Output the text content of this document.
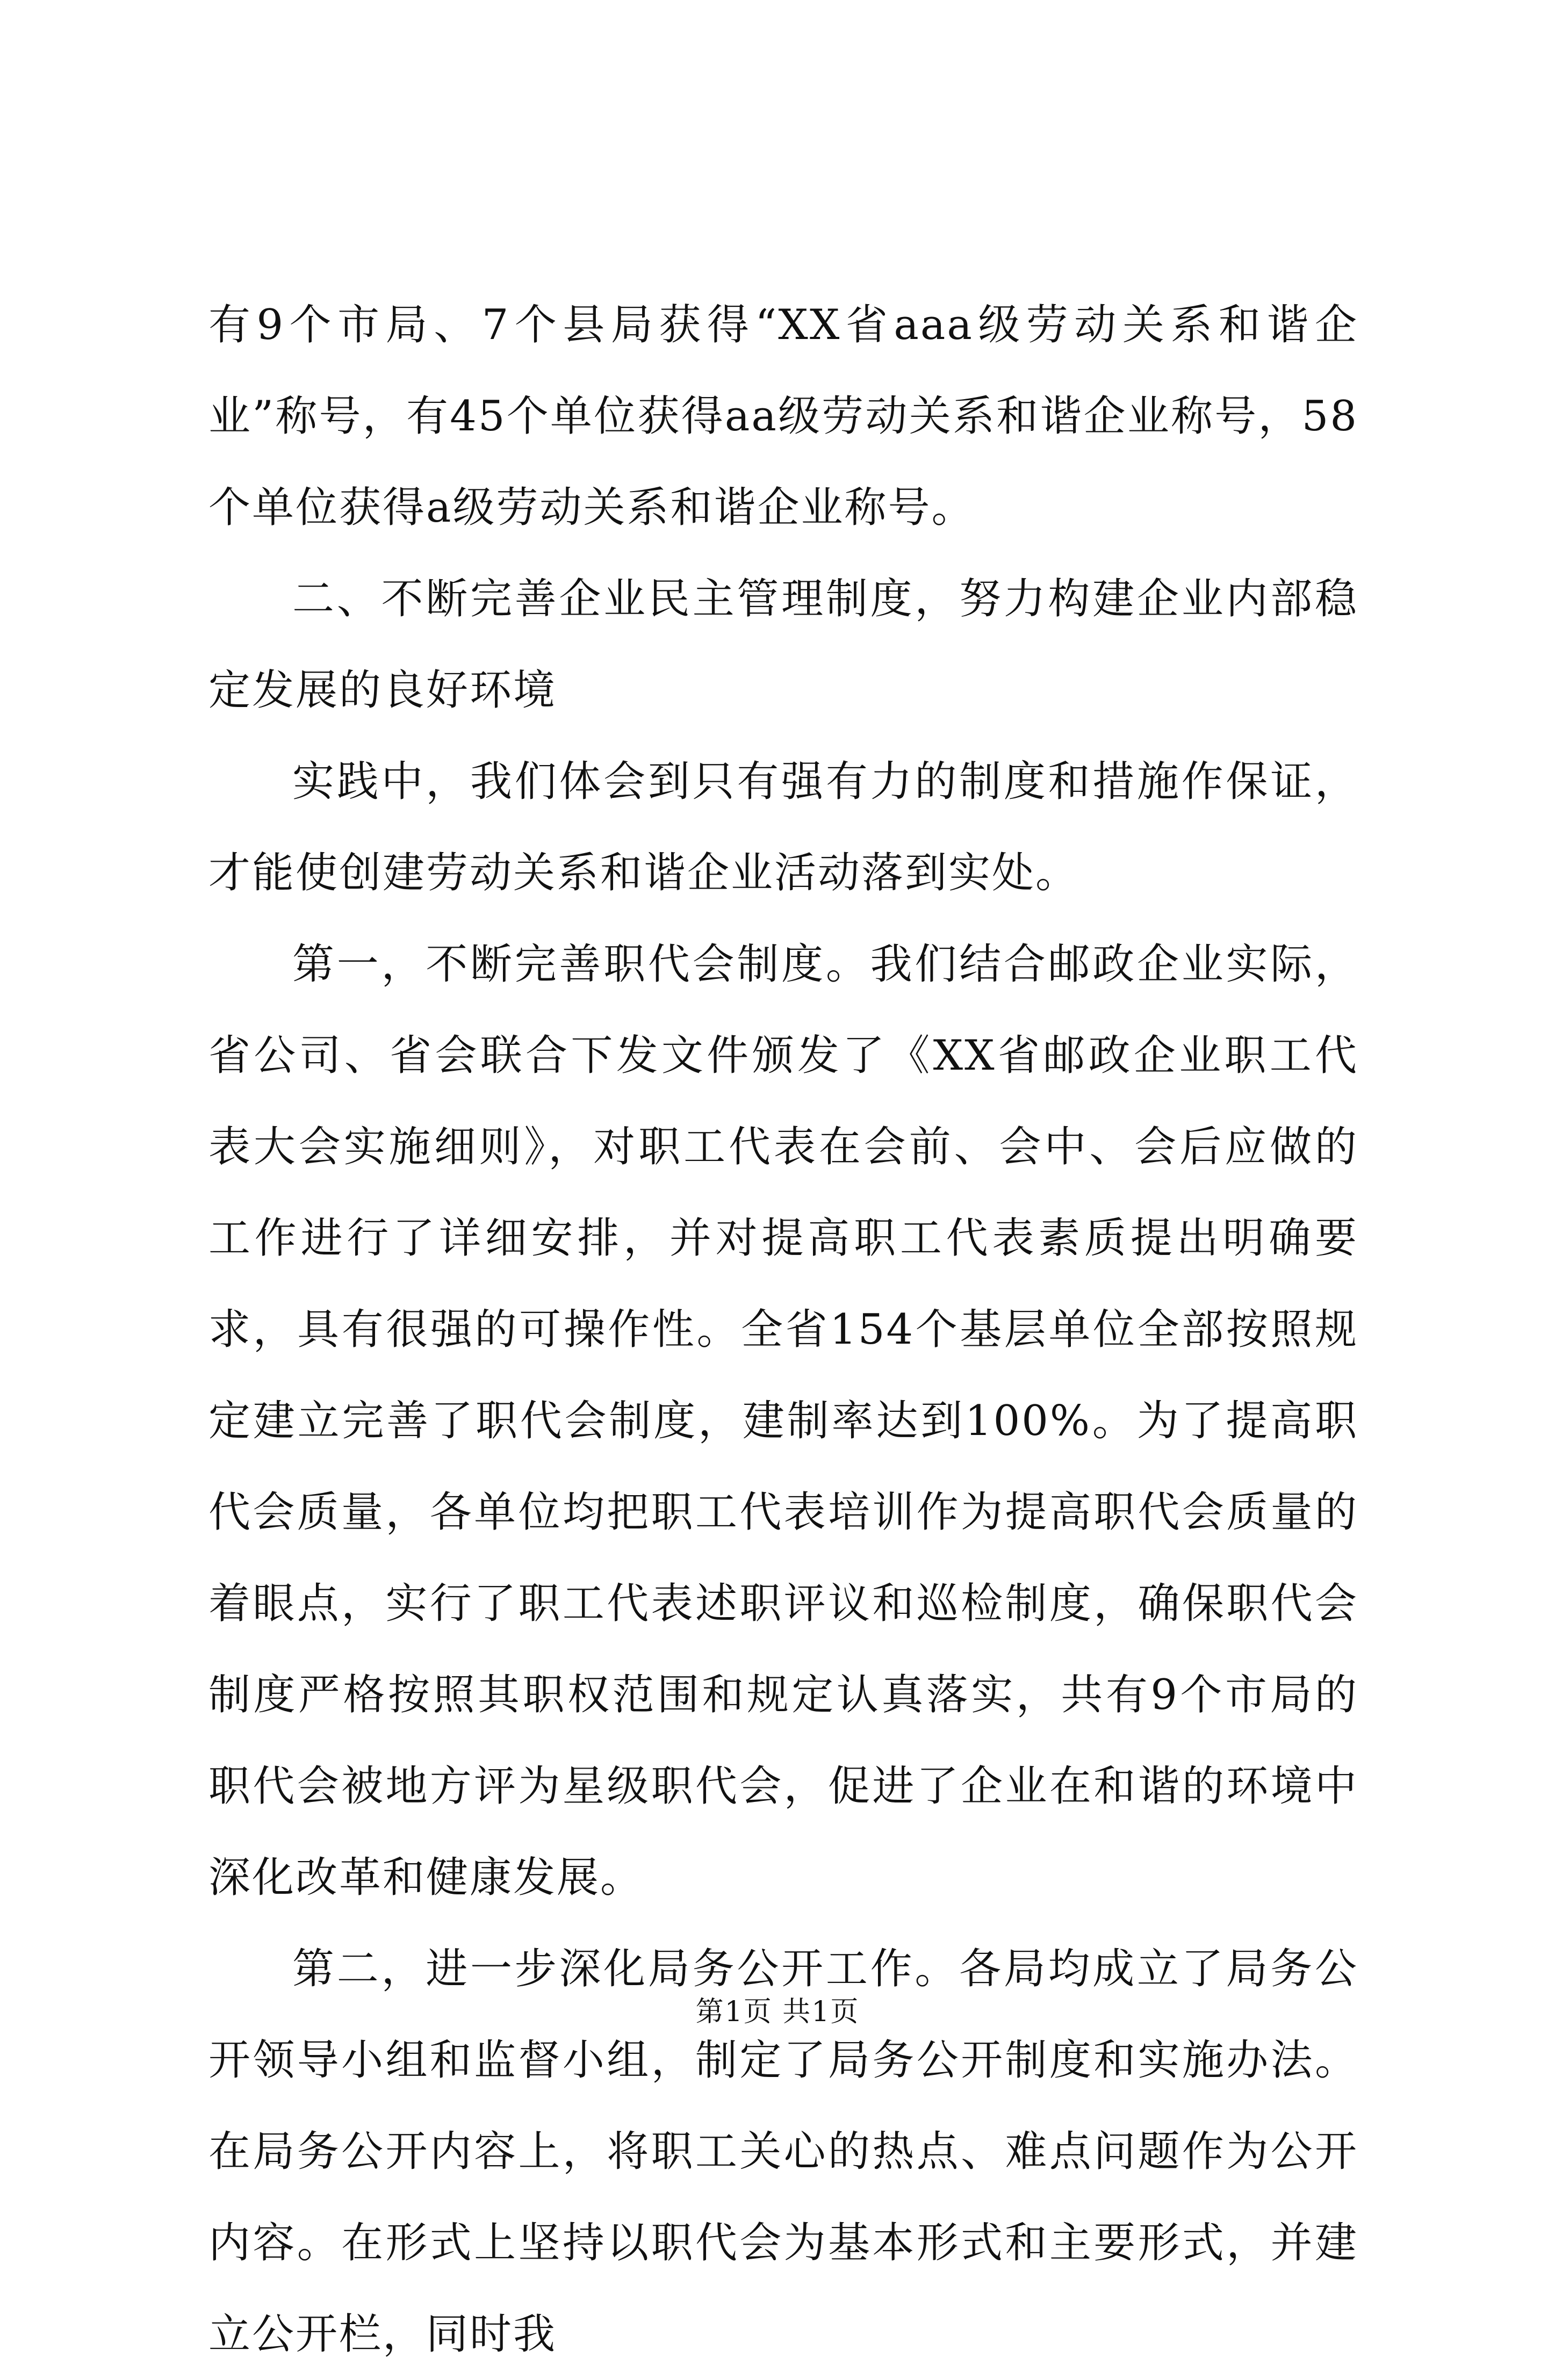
有9个市局、7个县局获得“XX省aaa级劳动关系和谐企业”称号，有45个单位获得aa级劳动关系和谐企业称号，58个单位获得a级劳动关系和谐企业称号。

二、不断完善企业民主管理制度，努力构建企业内部稳定发展的良好环境

实践中，我们体会到只有强有力的制度和措施作保证，才能使创建劳动关系和谐企业活动落到实处。

第一，不断完善职代会制度。我们结合邮政企业实际，省公司、省会联合下发文件颁发了《XX省邮政企业职工代表大会实施细则》，对职工代表在会前、会中、会后应做的工作进行了详细安排，并对提高职工代表素质提出明确要求，具有很强的可操作性。全省154个基层单位全部按照规定建立完善了职代会制度，建制率达到100%。为了提高职代会质量，各单位均把职工代表培训作为提高职代会质量的着眼点，实行了职工代表述职评议和巡检制度，确保职代会制度严格按照其职权范围和规定认真落实，共有9个市局的职代会被地方评为星级职代会，促进了企业在和谐的环境中深化改革和健康发展。

第二，进一步深化局务公开工作。各局均成立了局务公开领导小组和监督小组，制定了局务公开制度和实施办法。在局务公开内容上，将职工关心的热点、难点问题作为公开内容。在形式上坚持以职代会为基本形式和主要形式，并建立公开栏，同时我

第1页 共1页
